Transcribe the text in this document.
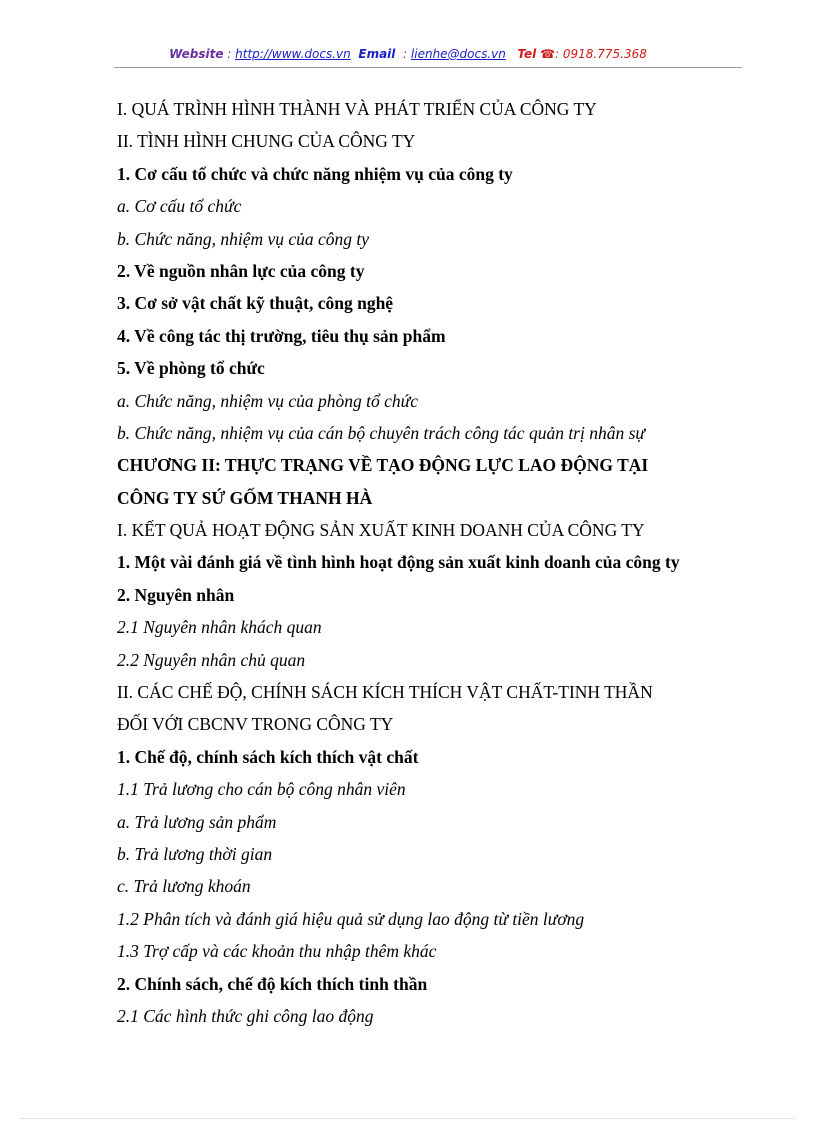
Website : http://www.docs.vn Email  : lienhe@docs.vn Tel ☎: 0918.775.368
I. QUÁ TRÌNH HÌNH THÀNH VÀ PHÁT TRIỂN CỦA CÔNG TY
II. TÌNH HÌNH CHUNG CỦA CÔNG TY
1. Cơ cấu tổ chức và chức năng nhiệm vụ của công ty
a. Cơ cấu tổ chức
b. Chức năng, nhiệm vụ của công ty
2. Về nguồn nhân lực của công ty
3. Cơ sở vật chất kỹ thuật, công nghệ
4. Về công tác thị trường, tiêu thụ sản phẩm
5. Về phòng tổ chức
a. Chức năng, nhiệm vụ của phòng tổ chức
b. Chức năng, nhiệm vụ của cán bộ chuyên trách công tác quản trị nhân sự
CHƯƠNG II: THỰC TRẠNG VỀ TẠO ĐỘNG LỰC LAO ĐỘNG TẠI
CÔNG TY SỨ GỐM THANH HÀ
I. KẾT QUẢ HOẠT ĐỘNG SẢN XUẤT KINH DOANH CỦA CÔNG TY
1. Một vài đánh giá về tình hình hoạt động sản xuất kinh doanh của công ty
2. Nguyên nhân
2.1 Nguyên nhân khách quan
2.2 Nguyên nhân chủ quan
II. CÁC CHẾ ĐỘ, CHÍNH SÁCH KÍCH THÍCH VẬT CHẤT-TINH THẦN
ĐỐI VỚI CBCNV TRONG CÔNG TY
1. Chế độ, chính sách kích thích vật chất
1.1 Trả lương cho cán bộ công nhân viên
a. Trả lương sản phẩm
b. Trả lương thời gian
c. Trả lương khoán
1.2 Phân tích và đánh giá hiệu quả sử dụng lao động từ tiền lương
1.3 Trợ cấp và các khoản thu nhập thêm khác
2. Chính sách, chế độ kích thích tinh thần
2.1 Các hình thức ghi công lao động
